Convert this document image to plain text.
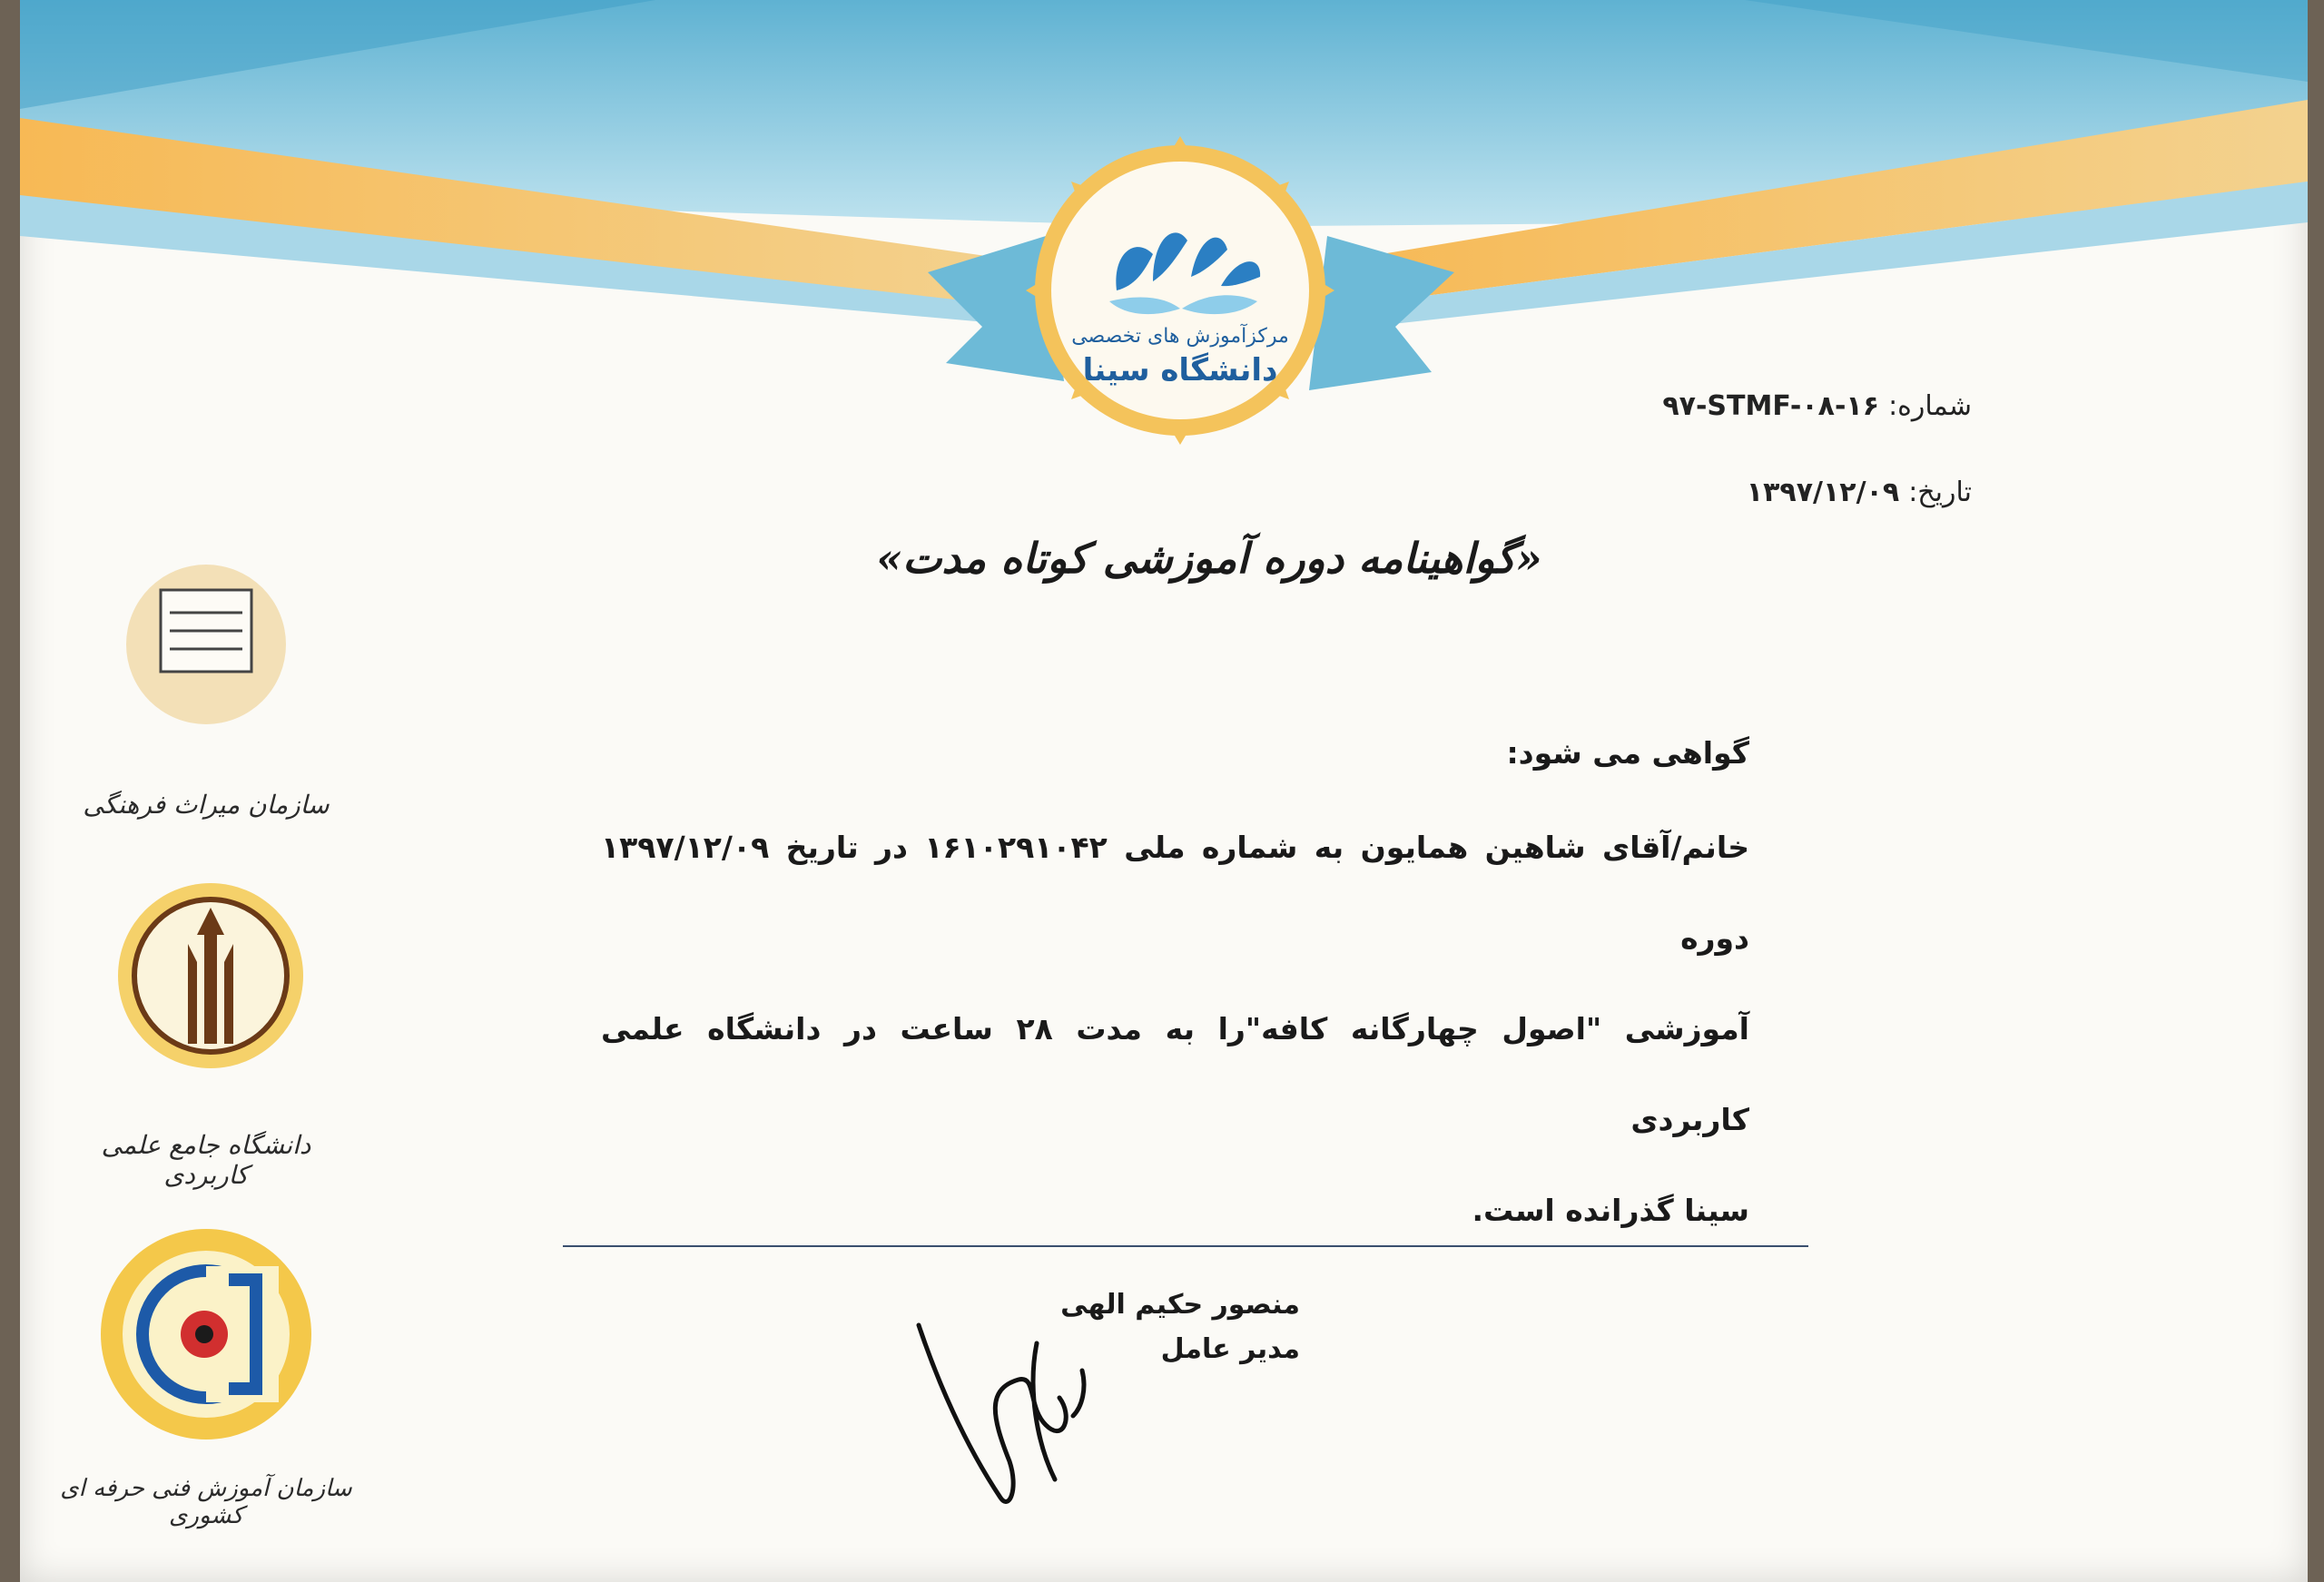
مرکزآموزش های تخصصی
دانشگاه سینا
شماره:۹۷-STMF-۰۸-۱۶
تاریخ:۱۳۹۷/۱۲/۰۹
«گواهینامه دوره آموزشی کوتاه مدت»

گواهی می شود:

خانم/آقای شاهین همایون به شماره ملی ۱۶۱۰۲۹۱۰۴۲ در تاریخ ۱۳۹۷/۱۲/۰۹ دوره

آموزشی "اصول چهارگانه کافه"را به مدت ۲۸ ساعت در دانشگاه علمی کاربردی

سینا گذرانده است.

منصور حکیم الهی
مدیر عامل
سازمان میراث فرهنگی
دانشگاه جامع علمی کاربردی
سازمان آموزش فنی حرفه ای کشوری
